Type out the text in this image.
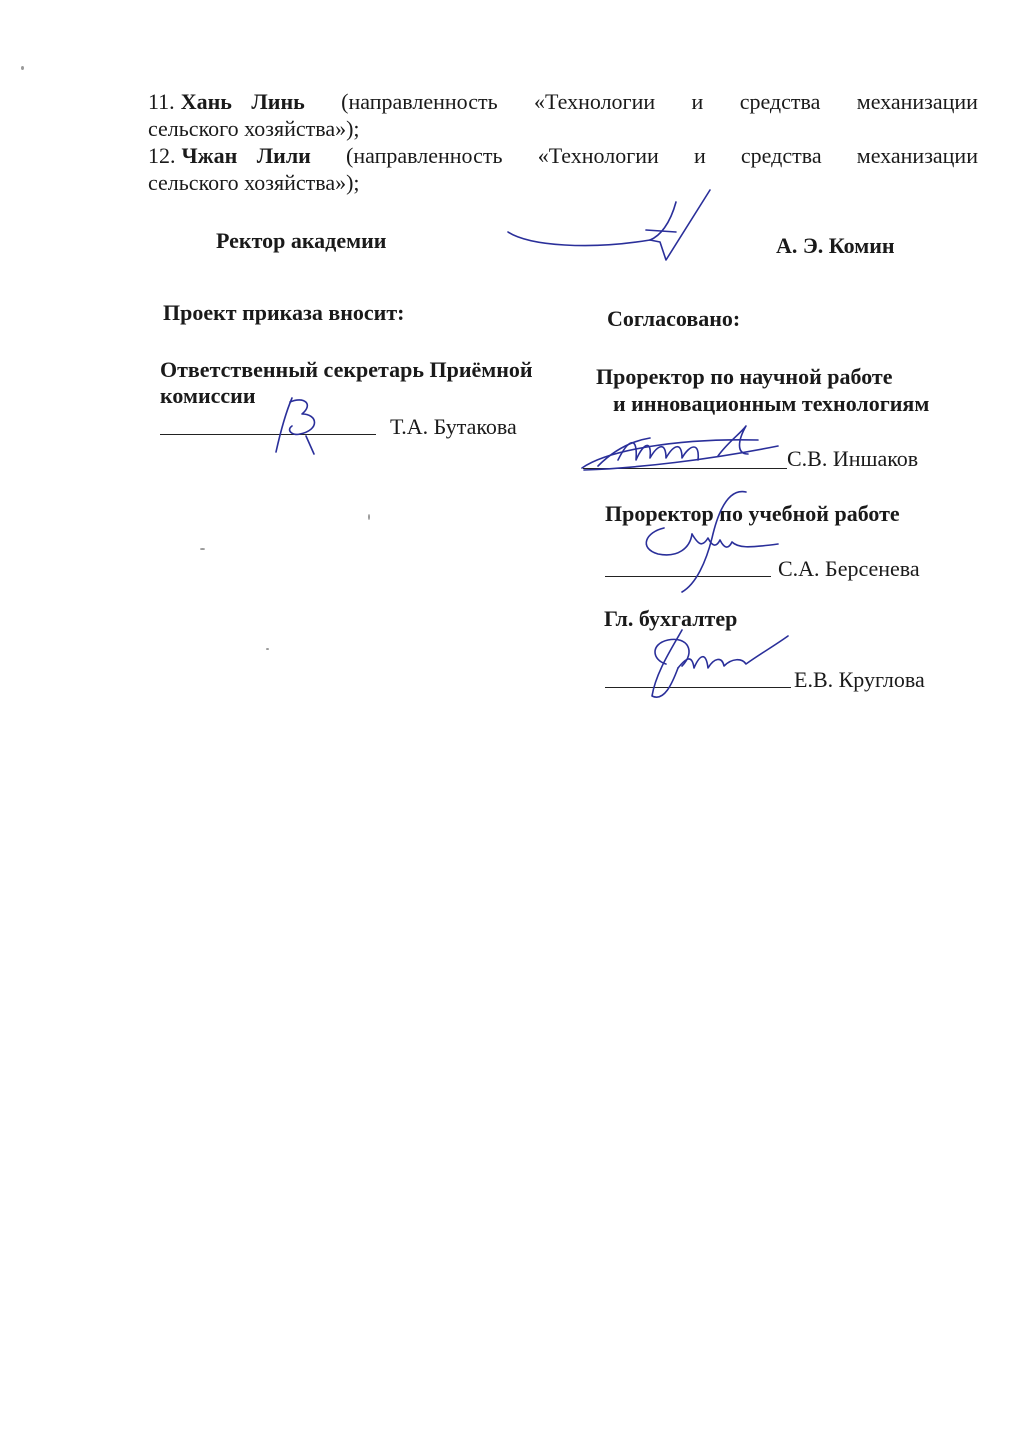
11. Хань Линь (направленность «Технологии и средства механизации
сельского хозяйства»);
12. Чжан Лили (направленность «Технологии и средства механизации
сельского хозяйства»);
Ректор академии	А. Э. Комин
Проект приказа вносит:
Ответственный секретарь Приёмной
комиссии
Т.А. Бутакова
Согласовано:
Проректор по научной работе
и инновационным технологиям
С.В. Иншаков
Проректор по учебной работе
С.А. Берсенева
Гл. бухгалтер
Е.В. Круглова
